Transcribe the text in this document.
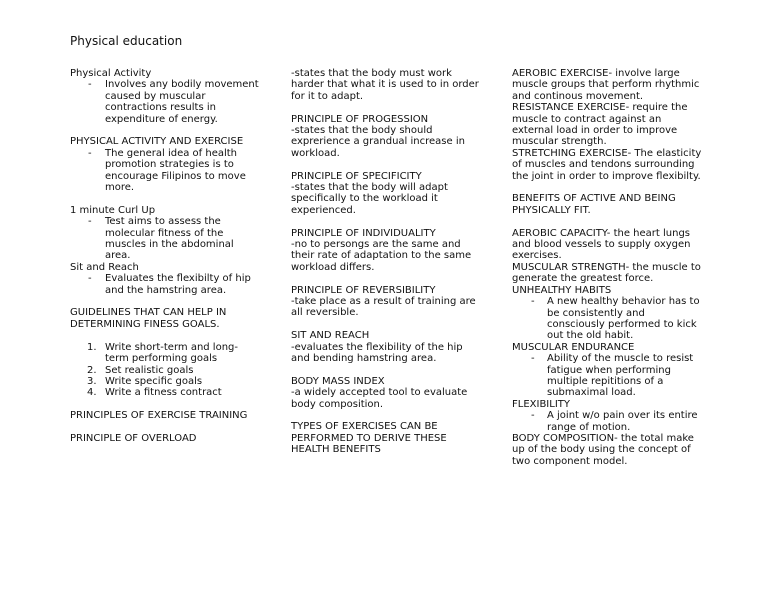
Physical education
Physical Activity
- Involves any bodily movement
caused by muscular
contractions results in
expenditure of energy.
PHYSICAL ACTIVITY AND EXERCISE
- The general idea of health
promotion strategies is to
encourage Filipinos to move
more.
1 minute Curl Up
- Test aims to assess the
molecular fitness of the
muscles in the abdominal
area.
Sit and Reach
- Evaluates the flexibilty of hip
and the hamstring area.
GUIDELINES THAT CAN HELP IN
DETERMINING FINESS GOALS.
1. Write short-term and long-
term performing goals
2. Set realistic goals
3. Write specific goals
4. Write a fitness contract
PRINCIPLES OF EXERCISE TRAINING
PRINCIPLE OF OVERLOAD
-states that the body must work
harder that what it is used to in order
for it to adapt.
PRINCIPLE OF PROGESSION
-states that the body should
exprerience a grandual increase in
workload.
PRINCIPLE OF SPECIFICITY
-states that the body will adapt
specifically to the workload it
experienced.
PRINCIPLE OF INDIVIDUALITY
-no to persongs are the same and
their rate of adaptation to the same
workload differs.
PRINCIPLE OF REVERSIBILITY
-take place as a result of training are
all reversible.
SIT AND REACH
-evaluates the flexibility of the hip
and bending hamstring area.
BODY MASS INDEX
-a widely accepted tool to evaluate
body composition.
TYPES OF EXERCISES CAN BE
PERFORMED TO DERIVE THESE
HEALTH BENEFITS
AEROBIC EXERCISE- involve large
muscle groups that perform rhythmic
and continous movement.
RESISTANCE EXERCISE- require the
muscle to contract against an
external load in order to improve
muscular strength.
STRETCHING EXERCISE- The elasticity
of muscles and tendons surrounding
the joint in order to improve flexibilty.
BENEFITS OF ACTIVE AND BEING
PHYSICALLY FIT.
AEROBIC CAPACITY- the heart lungs
and blood vessels to supply oxygen
exercises.
MUSCULAR STRENGTH- the muscle to
generate the greatest force.
UNHEALTHY HABITS
- A new healthy behavior has to
be consistently and
consciously performed to kick
out the old habit.
MUSCULAR ENDURANCE
- Ability of the muscle to resist
fatigue when performing
multiple repititions of a
submaximal load.
FLEXIBILITY
- A joint w/o pain over its entire
range of motion.
BODY COMPOSITION- the total make
up of the body using the concept of
two component model.
